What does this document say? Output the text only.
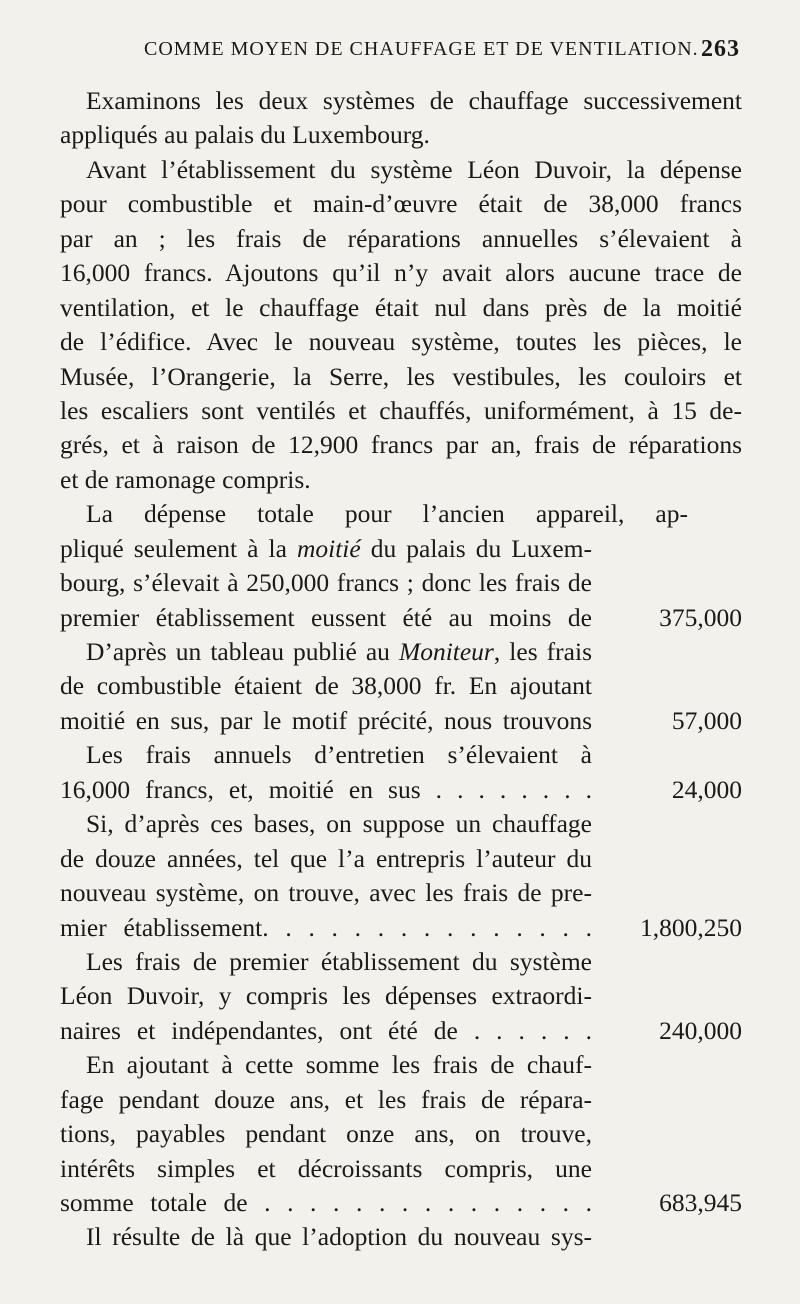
COMME MOYEN DE CHAUFFAGE ET DE VENTILATION. 263
Examinons les deux systèmes de chauffage successivement
appliqués au palais du Luxembourg.
Avant l’établissement du système Léon Duvoir, la dépense
pour combustible et main-d’œuvre était de 38,000 francs
par an ; les frais de réparations annuelles s’élevaient à
16,000 francs. Ajoutons qu’il n’y avait alors aucune trace de
ventilation, et le chauffage était nul dans près de la moitié
de l’édifice. Avec le nouveau système, toutes les pièces, le
Musée, l’Orangerie, la Serre, les vestibules, les couloirs et
les escaliers sont ventilés et chauffés, uniformément, à 15 de-
grés, et à raison de 12,900 francs par an, frais de réparations
et de ramonage compris.
La dépense totale pour l’ancien appareil, ap-
pliqué seulement à la moitié du palais du Luxem-
bourg, s’élevait à 250,000 francs ; donc les frais de
premier établissement eussent été au moins de	375,000
D’après un tableau publié au Moniteur, les frais
de combustible étaient de 38,000 fr. En ajoutant
moitié en sus, par le motif précité, nous trouvons	57,000
Les frais annuels d’entretien s’élevaient à
16,000 francs, et, moitié en sus . . . . . . . .	24,000
Si, d’après ces bases, on suppose un chauffage
de douze années, tel que l’a entrepris l’auteur du
nouveau système, on trouve, avec les frais de pre-
mier établissement. . . . . . . . . . . . . . .	1,800,250
Les frais de premier établissement du système
Léon Duvoir, y compris les dépenses extraordi-
naires et indépendantes, ont été de . . . . . .	240,000
En ajoutant à cette somme les frais de chauf-
fage pendant douze ans, et les frais de répara-
tions, payables pendant onze ans, on trouve,
intérêts simples et décroissants compris, une
somme totale de . . . . . . . . . . . . . . .	683,945
Il résulte de là que l’adoption du nouveau sys-
